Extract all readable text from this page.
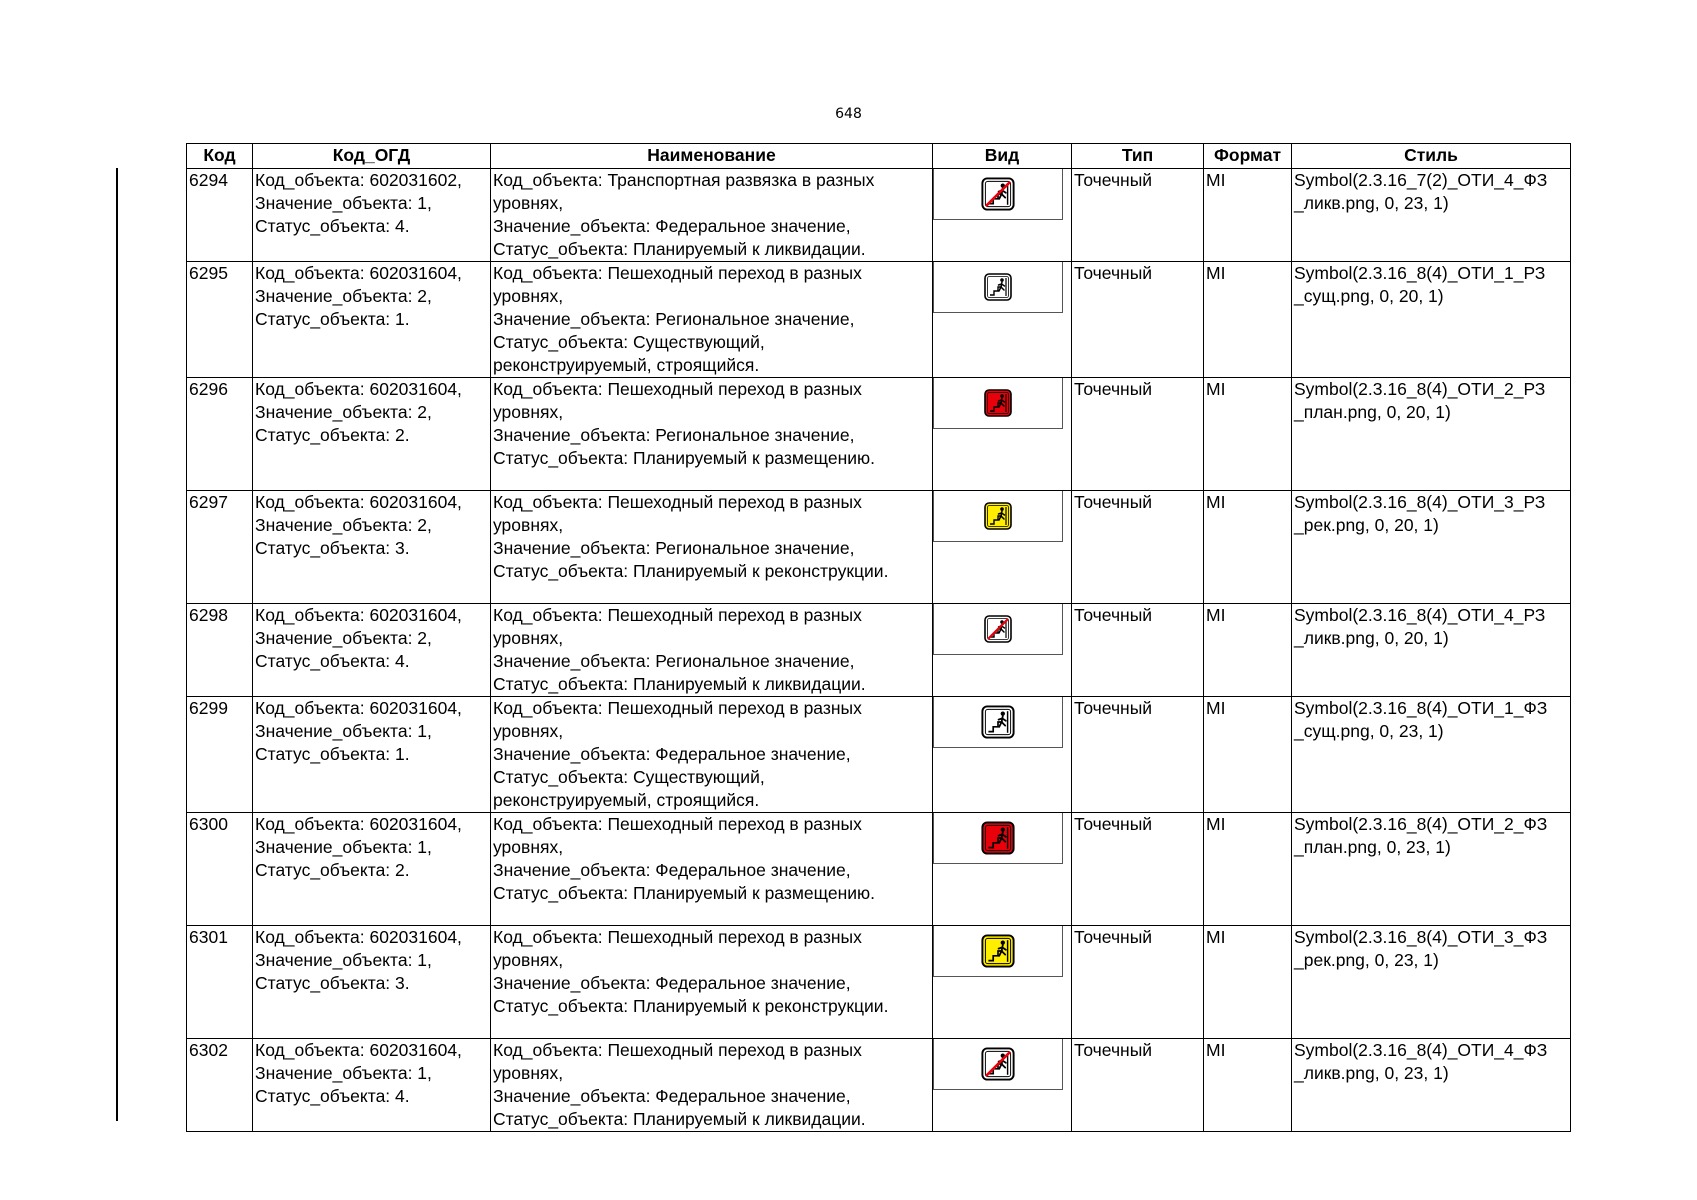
648
Код	Код_ОГД	Наименование	Вид	Тип	Формат	Стиль
6294	Код_объекта: 602031602,
Значение_объекта: 1,
Статус_объекта: 4.	Код_объекта: Транспортная развязка в разных
уровнях,
Значение_объекта: Федеральное значение,
Статус_объекта: Планируемый к ликвидации.		Точечный	MI	Symbol(2.3.16_7(2)_ОТИ_4_ФЗ
_ликв.png, 0, 23, 1)

6295	Код_объекта: 602031604,
Значение_объекта: 2,
Статус_объекта: 1.	Код_объекта: Пешеходный переход в разных
уровнях,
Значение_объекта: Региональное значение,
Статус_объекта: Существующий,
реконструируемый, строящийся.		Точечный	MI	Symbol(2.3.16_8(4)_ОТИ_1_РЗ
_сущ.png, 0, 20, 1)

6296	Код_объекта: 602031604,
Значение_объекта: 2,
Статус_объекта: 2.	Код_объекта: Пешеходный переход в разных
уровнях,
Значение_объекта: Региональное значение,
Статус_объекта: Планируемый к размещению.		Точечный	MI	Symbol(2.3.16_8(4)_ОТИ_2_РЗ
_план.png, 0, 20, 1)

6297	Код_объекта: 602031604,
Значение_объекта: 2,
Статус_объекта: 3.	Код_объекта: Пешеходный переход в разных
уровнях,
Значение_объекта: Региональное значение,
Статус_объекта: Планируемый к реконструкции.		Точечный	MI	Symbol(2.3.16_8(4)_ОТИ_3_РЗ
_рек.png, 0, 20, 1)

6298	Код_объекта: 602031604,
Значение_объекта: 2,
Статус_объекта: 4.	Код_объекта: Пешеходный переход в разных
уровнях,
Значение_объекта: Региональное значение,
Статус_объекта: Планируемый к ликвидации.		Точечный	MI	Symbol(2.3.16_8(4)_ОТИ_4_РЗ
_ликв.png, 0, 20, 1)

6299	Код_объекта: 602031604,
Значение_объекта: 1,
Статус_объекта: 1.	Код_объекта: Пешеходный переход в разных
уровнях,
Значение_объекта: Федеральное значение,
Статус_объекта: Существующий,
реконструируемый, строящийся.		Точечный	MI	Symbol(2.3.16_8(4)_ОТИ_1_ФЗ
_сущ.png, 0, 23, 1)

6300	Код_объекта: 602031604,
Значение_объекта: 1,
Статус_объекта: 2.	Код_объекта: Пешеходный переход в разных
уровнях,
Значение_объекта: Федеральное значение,
Статус_объекта: Планируемый к размещению.		Точечный	MI	Symbol(2.3.16_8(4)_ОТИ_2_ФЗ
_план.png, 0, 23, 1)

6301	Код_объекта: 602031604,
Значение_объекта: 1,
Статус_объекта: 3.	Код_объекта: Пешеходный переход в разных
уровнях,
Значение_объекта: Федеральное значение,
Статус_объекта: Планируемый к реконструкции.		Точечный	MI	Symbol(2.3.16_8(4)_ОТИ_3_ФЗ
_рек.png, 0, 23, 1)

6302	Код_объекта: 602031604,
Значение_объекта: 1,
Статус_объекта: 4.	Код_объекта: Пешеходный переход в разных
уровнях,
Значение_объекта: Федеральное значение,
Статус_объекта: Планируемый к ликвидации.		Точечный	MI	Symbol(2.3.16_8(4)_ОТИ_4_ФЗ
_ликв.png, 0, 23, 1)
